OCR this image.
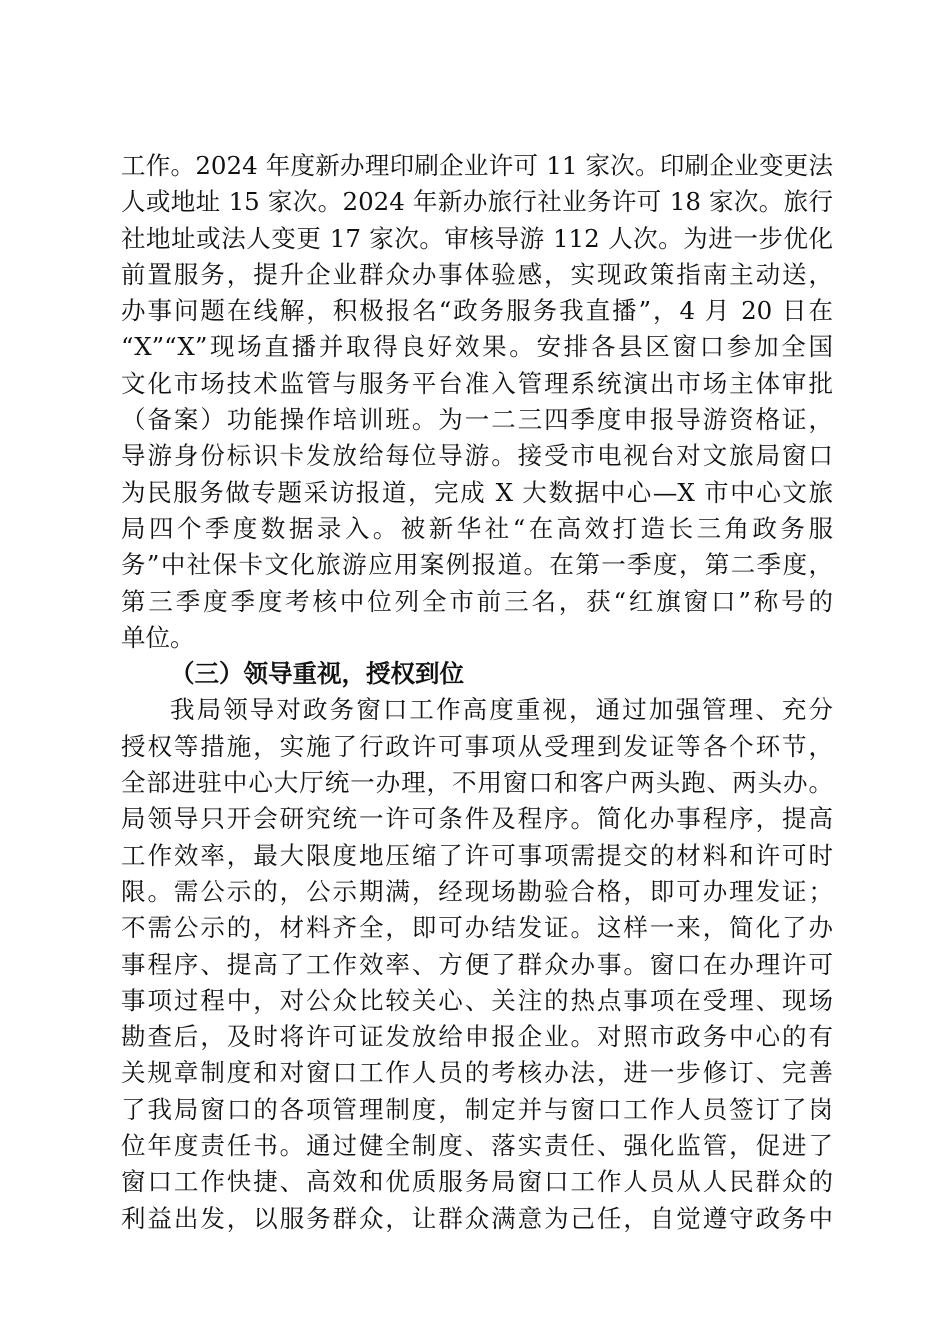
工作。2024 年度新办理印刷企业许可 11 家次。印刷企业变更法
人或地址 15 家次。2024 年新办旅行社业务许可 18 家次。旅行
社地址或法人变更 17 家次。审核导游 112 人次。为进一步优化
前置服务，提升企业群众办事体验感，实现政策指南主动送，
办事问题在线解，积极报名“政务服务我直播”，4 月 20 日在
“X”“X”现场直播并取得良好效果。安排各县区窗口参加全国
文化市场技术监管与服务平台准入管理系统演出市场主体审批
（备案）功能操作培训班。为一二三四季度申报导游资格证，
导游身份标识卡发放给每位导游。接受市电视台对文旅局窗口
为民服务做专题采访报道，完成 X 大数据中心—X 市中心文旅
局四个季度数据录入。被新华社“在高效打造长三角政务服
务”中社保卡文化旅游应用案例报道。在第一季度，第二季度，
第三季度季度考核中位列全市前三名，获“红旗窗口”称号的
单位。
（三）领导重视，授权到位
我局领导对政务窗口工作高度重视，通过加强管理、充分
授权等措施，实施了行政许可事项从受理到发证等各个环节，
全部进驻中心大厅统一办理，不用窗口和客户两头跑、两头办。
局领导只开会研究统一许可条件及程序。简化办事程序，提高
工作效率，最大限度地压缩了许可事项需提交的材料和许可时
限。需公示的，公示期满，经现场勘验合格，即可办理发证；
不需公示的，材料齐全，即可办结发证。这样一来，简化了办
事程序、提高了工作效率、方便了群众办事。窗口在办理许可
事项过程中，对公众比较关心、关注的热点事项在受理、现场
勘查后，及时将许可证发放给申报企业。对照市政务中心的有
关规章制度和对窗口工作人员的考核办法，进一步修订、完善
了我局窗口的各项管理制度，制定并与窗口工作人员签订了岗
位年度责任书。通过健全制度、落实责任、强化监管，促进了
窗口工作快捷、高效和优质服务局窗口工作人员从人民群众的
利益出发，以服务群众，让群众满意为己任，自觉遵守政务中
